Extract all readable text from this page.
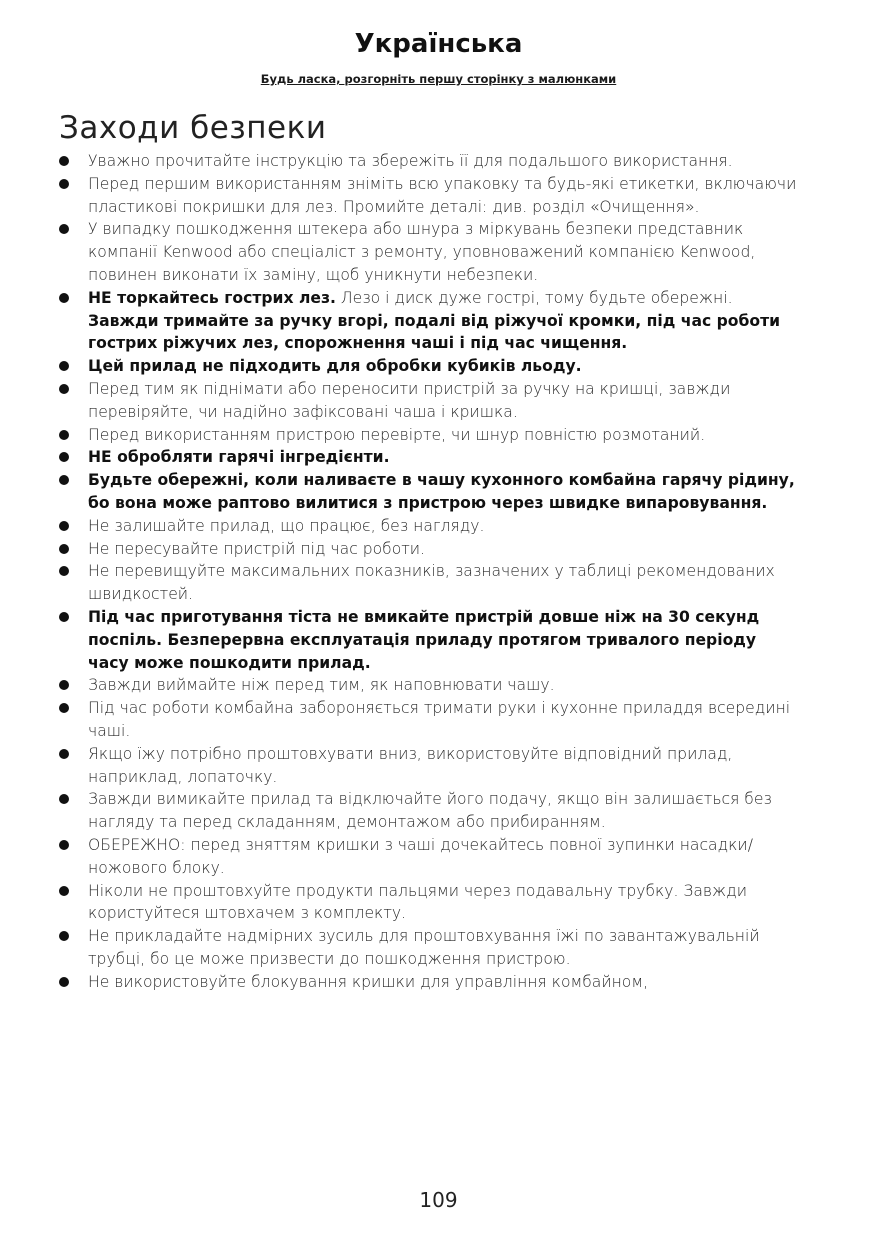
Українська

Будь ласка, розгорніть першу сторінку з малюнками

Заходи безпеки
Уважно прочитайте інструкцію та збережіть її для подальшого використання.
Перед першим використанням зніміть всю упаковку та будь-які етикетки, включаючи пластикові покришки для лез. Промийте деталі: див. розділ «Очищення».
У випадку пошкодження штекера або шнура з міркувань безпеки представник компанії Kenwood або спеціаліст з ремонту, уповноважений компанією Kenwood, повинен виконати їх заміну, щоб уникнути небезпеки.
НЕ торкайтесь гострих лез. Лезо і диск дуже гострі, тому будьте обережні. Завжди тримайте за ручку вгорі, подалі від ріжучої кромки, під час роботи гострих ріжучих лез, спорожнення чаші і під час чищення.
Цей прилад не підходить для обробки кубиків льоду.
Перед тим як піднімати або переносити пристрій за ручку на кришці, завжди перевіряйте, чи надійно зафіксовані чаша і кришка.
Перед використанням пристрою перевірте, чи шнур повністю розмотаний.
НЕ обробляти гарячі інгредієнти.
Будьте обережні, коли наливаєте в чашу кухонного комбайна гарячу рідину, бо вона може раптово вилитися з пристрою через швидке випаровування.
Не залишайте прилад, що працює, без нагляду.
Не пересувайте пристрій під час роботи.
Не перевищуйте максимальних показників, зазначених у таблиці рекомендованих швидкостей.
Під час приготування тіста не вмикайте пристрій довше ніж на 30 секунд поспіль. Безперервна експлуатація приладу протягом тривалого періоду часу може пошкодити прилад.
Завжди виймайте ніж перед тим, як наповнювати чашу.
Під час роботи комбайна забороняється тримати руки і кухонне приладдя всередині чаші.
Якщо їжу потрібно проштовхувати вниз, використовуйте відповідний прилад, наприклад, лопаточку.
Завжди вимикайте прилад та відключайте його подачу, якщо він залишається без нагляду та перед складанням, демонтажом або прибиранням.
ОБЕРЕЖНО: перед зняттям кришки з чаші дочекайтесь повної зупинки насадки/ножового блоку.
Ніколи не проштовхуйте продукти пальцями через подавальну трубку. Завжди користуйтеся штовхачем з комплекту.
Не прикладайте надмірних зусиль для проштовхування їжі по завантажувальній трубці, бо це може призвести до пошкодження пристрою.
Не використовуйте блокування кришки для управління комбайном,

109
